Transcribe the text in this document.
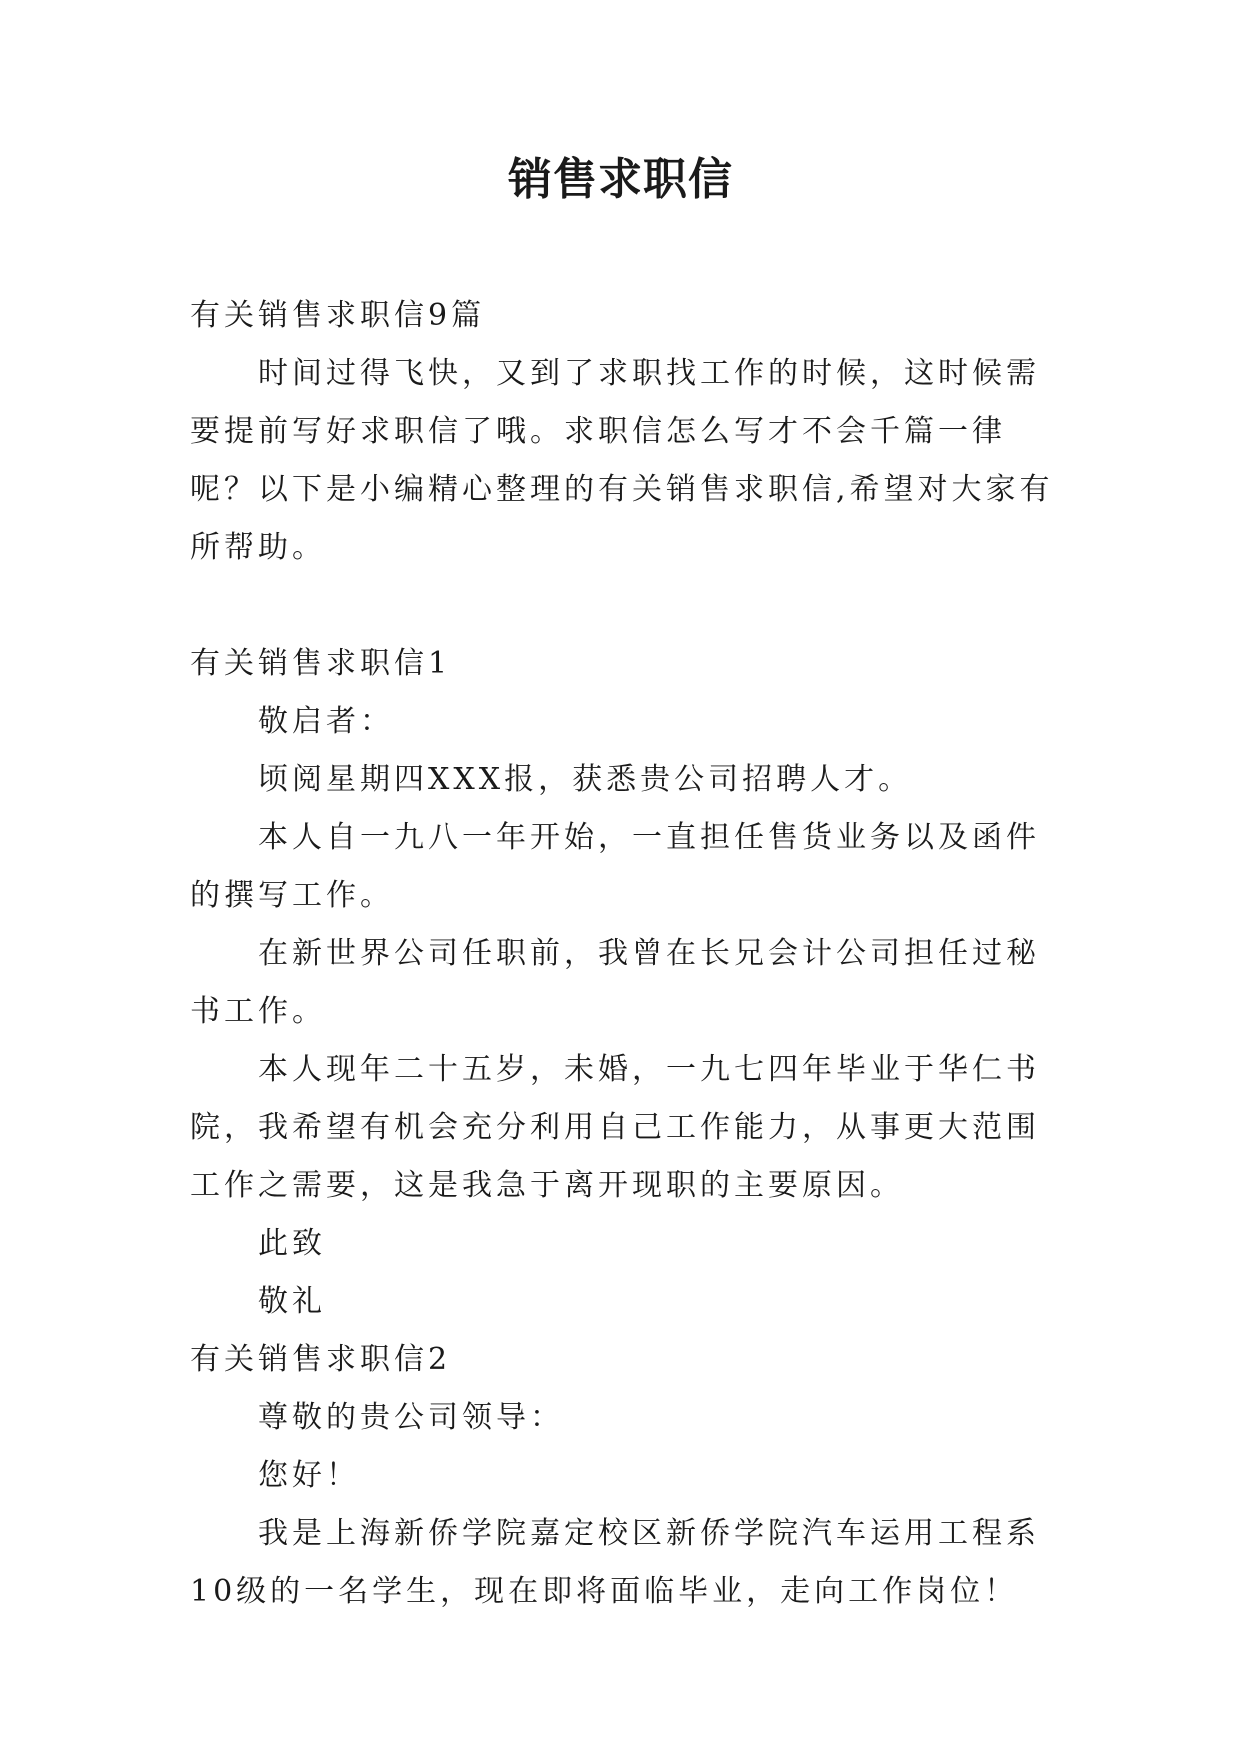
销售求职信

有关销售求职信9篇

时间过得飞快，又到了求职找工作的时候，这时候需要提前写好求职信了哦。求职信怎么写才不会千篇一律呢？以下是小编精心整理的有关销售求职信,希望对大家有所帮助。

有关销售求职信1

敬启者：

顷阅星期四XXX报，获悉贵公司招聘人才。

本人自一九八一年开始，一直担任售货业务以及函件的撰写工作。

在新世界公司任职前，我曾在长兄会计公司担任过秘书工作。

本人现年二十五岁，未婚，一九七四年毕业于华仁书院，我希望有机会充分利用自己工作能力，从事更大范围工作之需要，这是我急于离开现职的主要原因。

此致

敬礼

有关销售求职信2

尊敬的贵公司领导：

您好！

我是上海新侨学院嘉定校区新侨学院汽车运用工程系10级的一名学生，现在即将面临毕业，走向工作岗位！
